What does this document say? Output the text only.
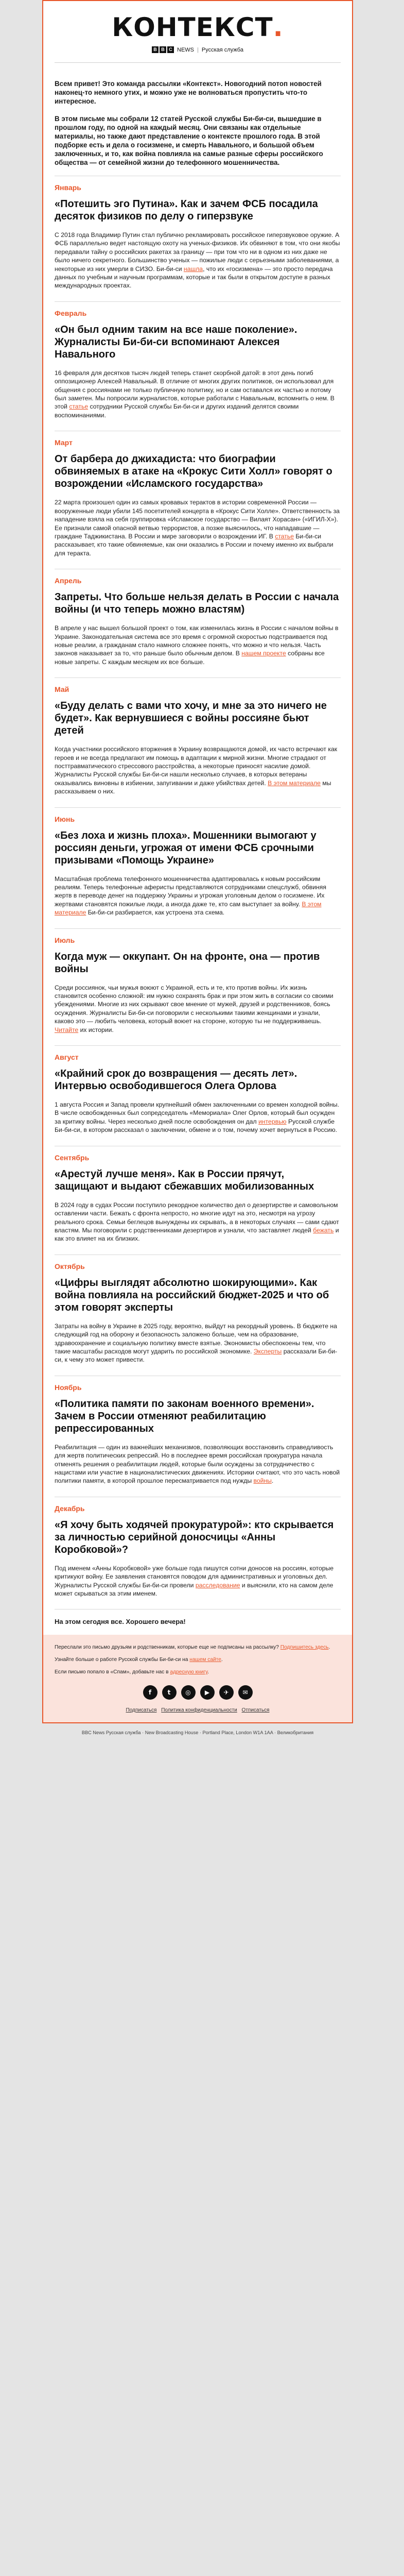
КОНТЕКСТ.
B B C NEWS | Русская служба

Всем привет! Это команда рассылки «Контекст». Новогодний потоп новостей наконец-то немного утих, и можно уже не волноваться пропустить что-то интересное.

В этом письме мы собрали 12 статей Русской службы Би-би-си, вышедшие в прошлом году, по одной на каждый месяц. Они связаны как отдельные материалы, но также дают представление о контексте прошлого года. В этой подборке есть и дела о госизмене, и смерть Навального, и большой объем заключенных, и то, как война повлияла на самые разные сферы российского общества — от семейной жизни до телефонного мошенничества.

Январь
«Потешить эго Путина». Как и зачем ФСБ посадила десяток физиков по делу о гиперзвуке
С 2018 года Владимир Путин стал публично рекламировать российское гиперзвуковое оружие. А ФСБ параллельно ведет настоящую охоту на ученых-физиков. Их обвиняют в том, что они якобы передавали тайну о российских ракетах за границу — при том что ни в одном из них даже не было ничего секретного. Большинство ученых — пожилые люди с серьезными заболеваниями, а некоторые из них умерли в СИЗО. Би-би-си нашла, что их «госизмена» — это просто передача данных по учебным и научным программам, которые и так были в открытом доступе в разных международных проектах.
Февраль
«Он был одним таким на все наше поколение». Журналисты Би-би-си вспоминают Алексея Навального
16 февраля для десятков тысяч людей теперь станет скорбной датой: в этот день погиб оппозиционер Алексей Навальный. В отличие от многих других политиков, он использовал для общения с россиянами не только публичную политику, но и сам оставался их частью и потому был заметен. Мы попросили журналистов, которые работали с Навальным, вспомнить о нем. В этой статье сотрудники Русской службы Би-би-си и других изданий делятся своими воспоминаниями.
Март
От барбера до джихадиста: что биографии обвиняемых в атаке на «Крокус Сити Холл» говорят о возрождении «Исламского государства»
22 марта произошел один из самых кровавых терактов в истории современной России — вооруженные люди убили 145 посетителей концерта в «Крокус Сити Холле». Ответственность за нападение взяла на себя группировка «Исламское государство — Вилаят Хорасан» («ИГИЛ-Х»). Ее признали самой опасной ветвью террористов, а позже выяснилось, что нападавшие — граждане Таджикистана. В России и мире заговорили о возрождении ИГ. В статье Би-би-си рассказывает, кто такие обвиняемые, как они оказались в России и почему именно их выбрали для теракта.
Апрель
Запреты. Что больше нельзя делать в России с начала войны (и что теперь можно властям)
В апреле у нас вышел большой проект о том, как изменилась жизнь в России с началом войны в Украине. Законодательная система все это время с огромной скоростью подстраивается под новые реалии, а гражданам стало намного сложнее понять, что можно и что нельзя. Часть законов наказывает за то, что раньше было обычным делом. В нашем проекте собраны все новые запреты. С каждым месяцем их все больше.
Май
«Буду делать с вами что хочу, и мне за это ничего не будет». Как вернувшиеся с войны россияне бьют детей
Когда участники российского вторжения в Украину возвращаются домой, их часто встречают как героев и не всегда предлагают им помощь в адаптации к мирной жизни. Многие страдают от посттравматического стрессового расстройства, а некоторые приносят насилие домой. Журналисты Русской службы Би-би-си нашли несколько случаев, в которых ветераны оказывались виновны в избиении, запугивании и даже убийствах детей. В этом материале мы рассказываем о них.
Июнь
«Без лоха и жизнь плоха». Мошенники вымогают у россиян деньги, угрожая от имени ФСБ срочными призывами «Помощь Украине»
Масштабная проблема телефонного мошенничества адаптировалась к новым российским реалиям. Теперь телефонные аферисты представляются сотрудниками спецслужб, обвиняя жертв в переводе денег на поддержку Украины и угрожая уголовным делом о госизмене. Их жертвами становятся пожилые люди, а иногда даже те, кто сам выступает за войну. В этом материале Би-би-си разбирается, как устроена эта схема.
Июль
Когда муж — оккупант. Он на фронте, она — против войны
Среди россиянок, чьи мужья воюют с Украиной, есть и те, кто против войны. Их жизнь становится особенно сложной: им нужно сохранять брак и при этом жить в согласии со своими убеждениями. Многие из них скрывают свое мнение от мужей, друзей и родственников, боясь осуждения. Журналисты Би-би-си поговорили с несколькими такими женщинами и узнали, каково это — любить человека, который воюет на стороне, которую ты не поддерживаешь. Читайте их истории.
Август
«Крайний срок до возвращения — десять лет». Интервью освободившегося Олега Орлова
1 августа Россия и Запад провели крупнейший обмен заключенными со времен холодной войны. В числе освобожденных был сопредседатель «Мемориала» Олег Орлов, который был осужден за критику войны. Через несколько дней после освобождения он дал интервью Русской службе Би-би-си, в котором рассказал о заключении, обмене и о том, почему хочет вернуться в Россию.
Сентябрь
«Арестуй лучше меня». Как в России прячут, защищают и выдают сбежавших мобилизованных
В 2024 году в судах России поступило рекордное количество дел о дезертирстве и самовольном оставлении части. Бежать с фронта непросто, но многие идут на это, несмотря на угрозу реального срока. Семьи беглецов вынуждены их скрывать, а в некоторых случаях — сами сдают властям. Мы поговорили с родственниками дезертиров и узнали, что заставляет людей бежать и как это влияет на их близких.
Октябрь
«Цифры выглядят абсолютно шокирующими». Как война повлияла на российский бюджет-2025 и что об этом говорят эксперты
Затраты на войну в Украине в 2025 году, вероятно, выйдут на рекордный уровень. В бюджете на следующий год на оборону и безопасность заложено больше, чем на образование, здравоохранение и социальную политику вместе взятые. Экономисты обеспокоены тем, что такие масштабы расходов могут ударить по российской экономике. Эксперты рассказали Би-би-си, к чему это может привести.
Ноябрь
«Политика памяти по законам военного времени». Зачем в России отменяют реабилитацию репрессированных
Реабилитация — один из важнейших механизмов, позволяющих восстановить справедливость для жертв политических репрессий. Но в последнее время российская прокуратура начала отменять решения о реабилитации людей, которые были осуждены за сотрудничество с нацистами или участие в националистических движениях. Историки считают, что это часть новой политики памяти, в которой прошлое пересматривается под нужды войны.
Декабрь
«Я хочу быть ходячей прокуратурой»: кто скрывается за личностью серийной доносчицы «Анны Коробковой»?
Под именем «Анны Коробковой» уже больше года пишутся сотни доносов на россиян, которые критикуют войну. Ее заявления становятся поводом для административных и уголовных дел. Журналисты Русской службы Би-би-си провели расследование и выяснили, кто на самом деле может скрываться за этим именем.
На этом сегодня все. Хорошего вечера!

Переслали это письмо друзьям и родственникам, которые еще не подписаны на рассылку? Подпишитесь здесь.

Узнайте больше о работе Русской службы Би-би-си на нашем сайте.

Если письмо попало в «Спам», добавьте нас в адресную книгу.

f	t	◎	▶	✈	✉
Подписаться Политика конфиденциальности Отписаться
BBC News Русская служба · New Broadcasting House · Portland Place, London W1A 1AA · Великобритания
